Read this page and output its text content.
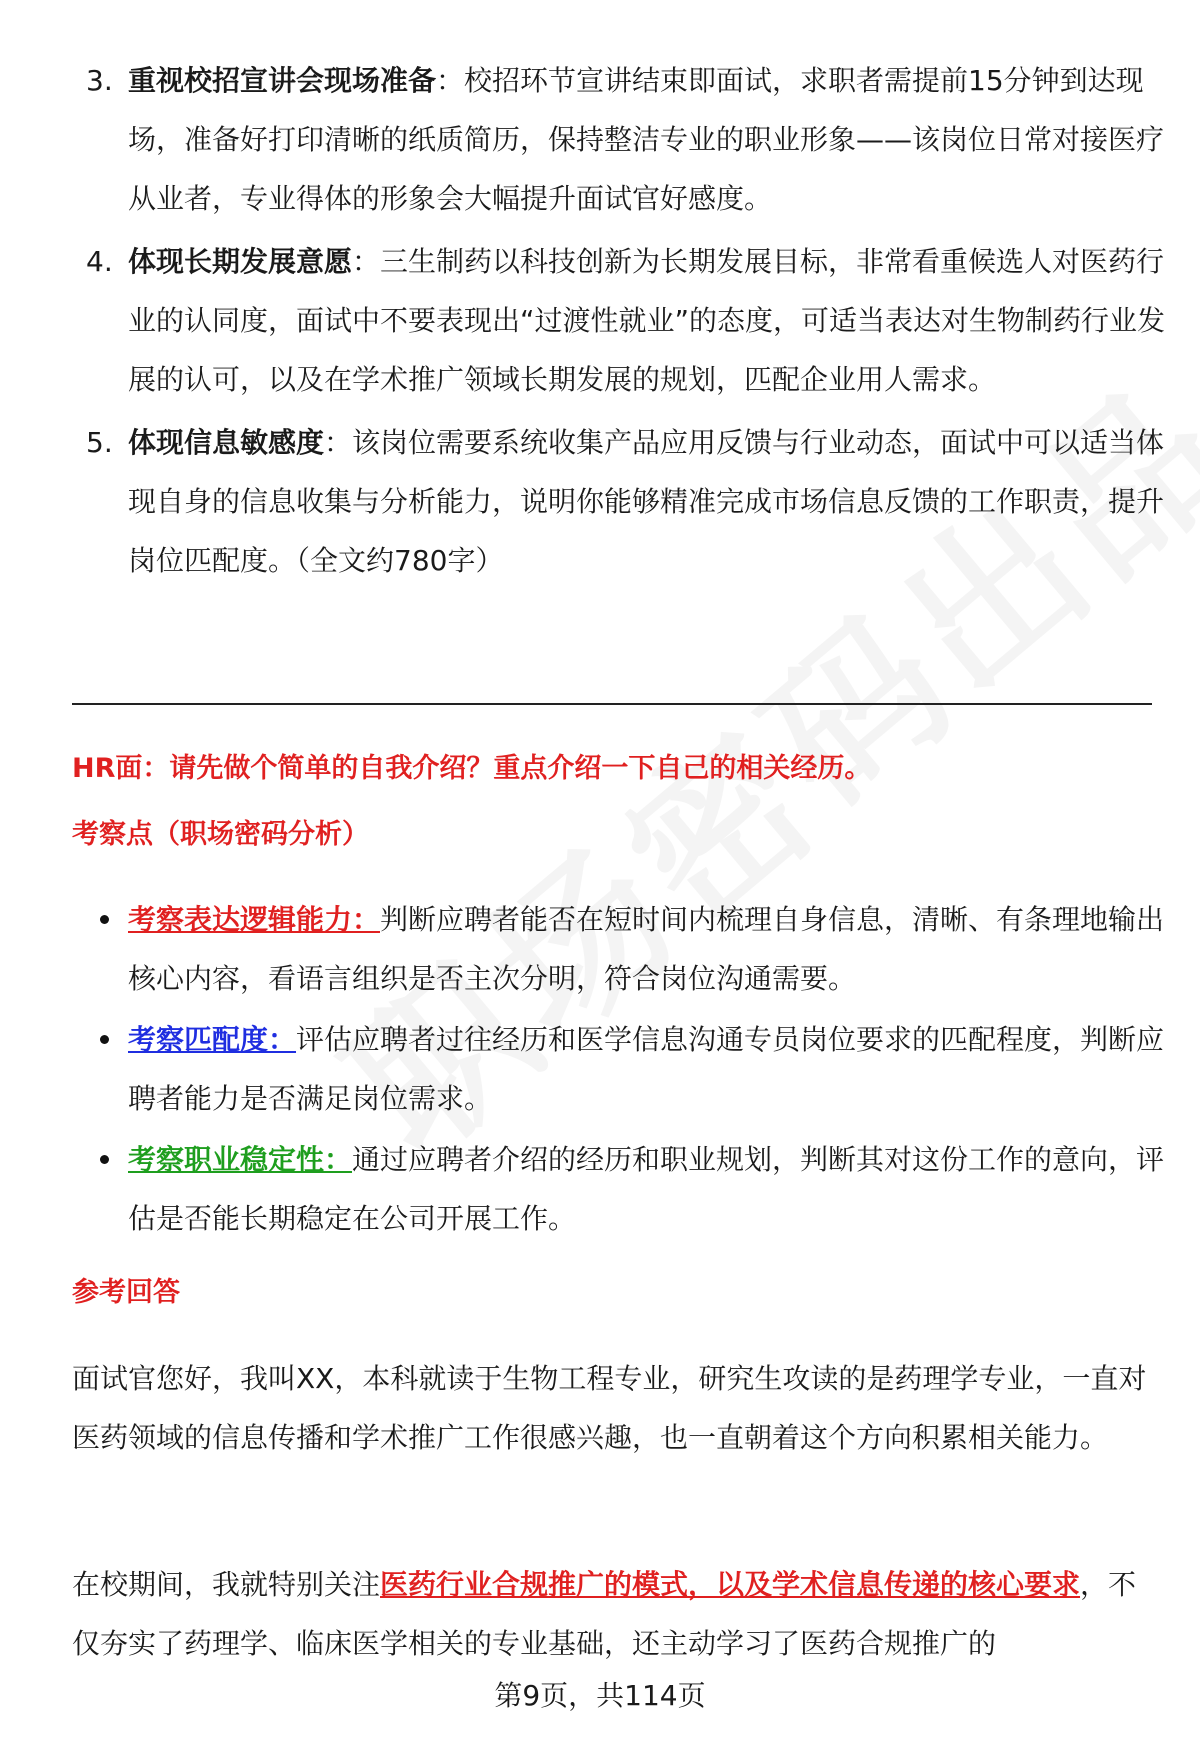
3. 重视校招宣讲会现场准备：校招环节宣讲结束即面试，求职者需提前15分钟到达现场，准备好打印清晰的纸质简历，保持整洁专业的职业形象——该岗位日常对接医疗从业者，专业得体的形象会大幅提升面试官好感度。
4. 体现长期发展意愿：三生制药以科技创新为长期发展目标，非常看重候选人对医药行业的认同度，面试中不要表现出“过渡性就业”的态度，可适当表达对生物制药行业发展的认可，以及在学术推广领域长期发展的规划，匹配企业用人需求。
5. 体现信息敏感度：该岗位需要系统收集产品应用反馈与行业动态，面试中可以适当体现自身的信息收集与分析能力，说明你能够精准完成市场信息反馈的工作职责，提升岗位匹配度。（全文约780字）
HR面：请先做个简单的自我介绍？重点介绍一下自己的相关经历。
考察点（职场密码分析）
考察表达逻辑能力：判断应聘者能否在短时间内梳理自身信息，清晰、有条理地输出核心内容，看语言组织是否主次分明，符合岗位沟通需要。
考察匹配度：评估应聘者过往经历和医学信息沟通专员岗位要求的匹配程度，判断应聘者能力是否满足岗位需求。
考察职业稳定性：通过应聘者介绍的经历和职业规划，判断其对这份工作的意向，评估是否能长期稳定在公司开展工作。
参考回答
面试官您好，我叫XX，本科就读于生物工程专业，研究生攻读的是药理学专业，一直对医药领域的信息传播和学术推广工作很感兴趣，也一直朝着这个方向积累相关能力。
在校期间，我就特别关注医药行业合规推广的模式，以及学术信息传递的核心要求，不仅夯实了药理学、临床医学相关的专业基础，还主动学习了医药合规推广的
第9页，共114页
